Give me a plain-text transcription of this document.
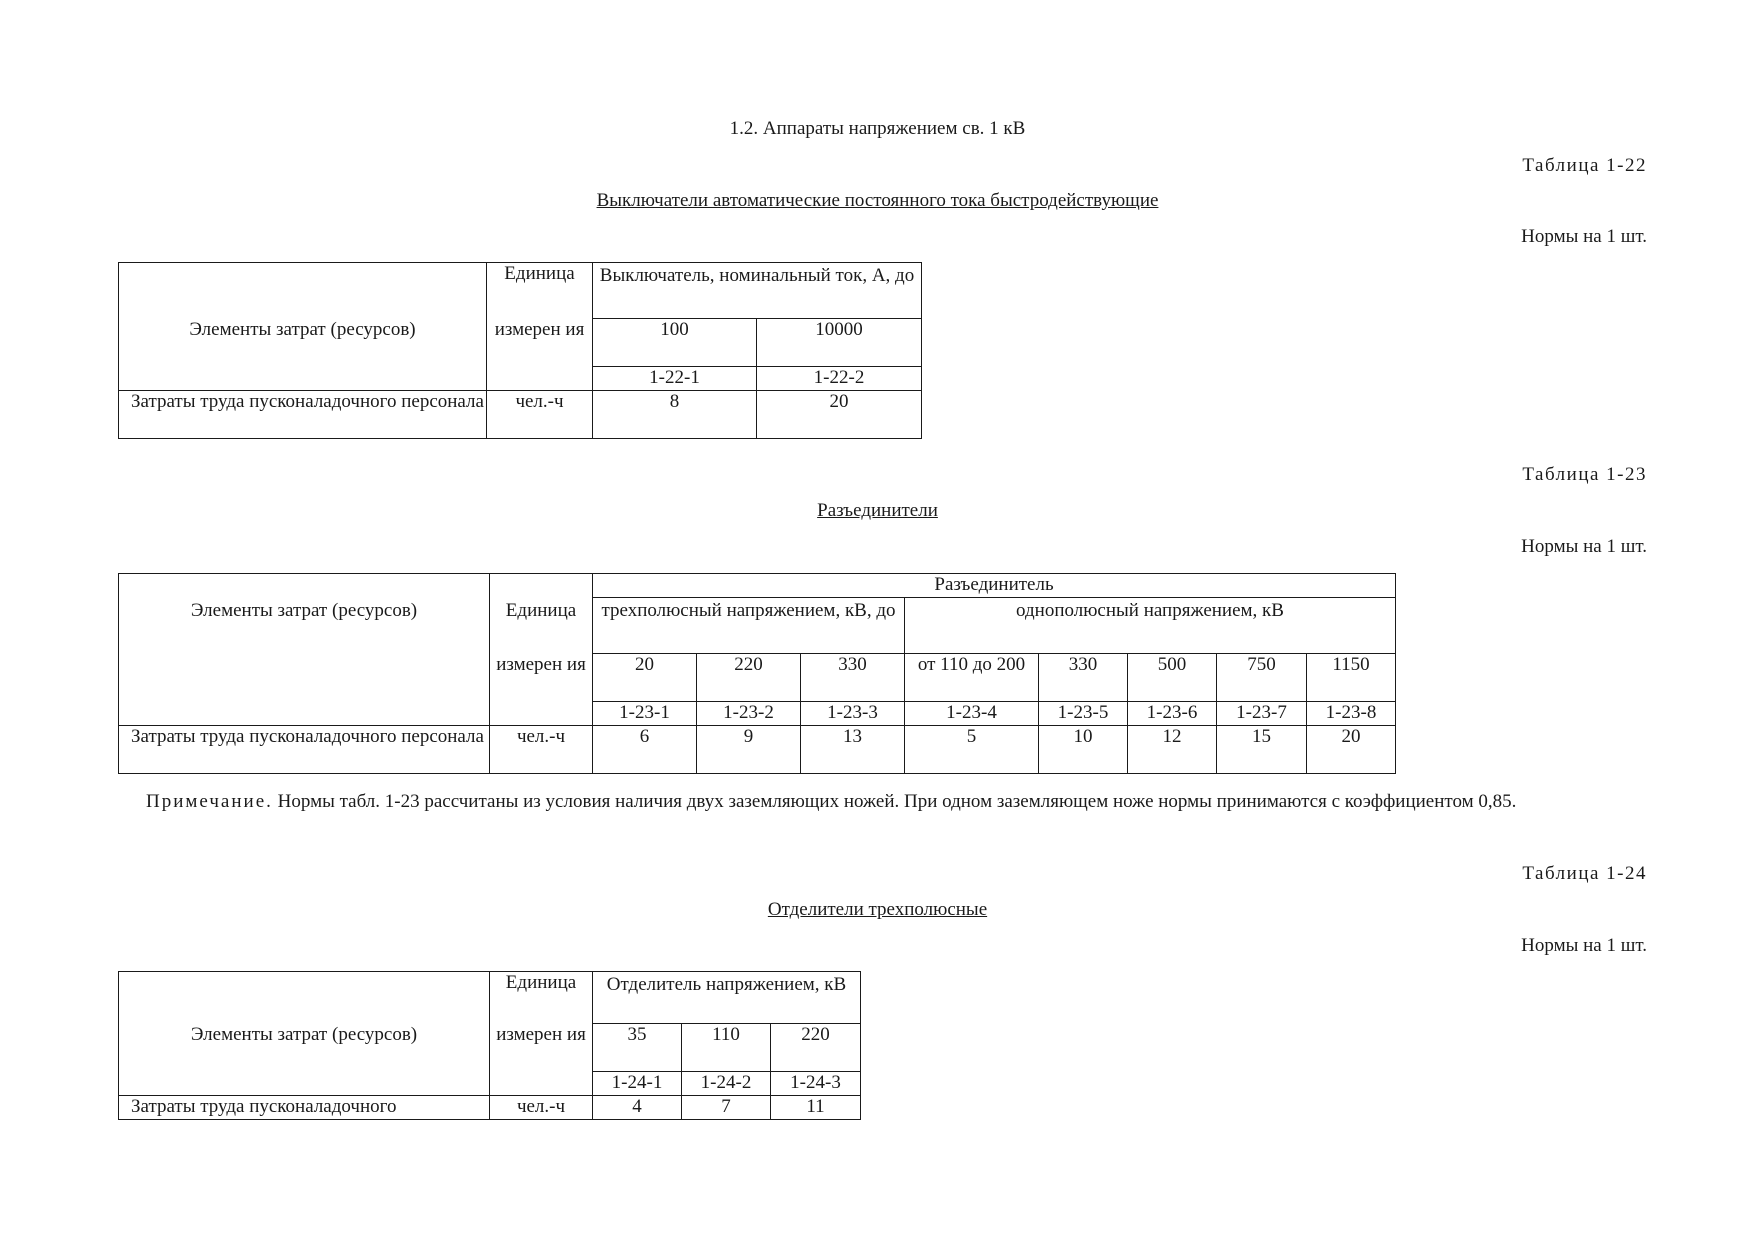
1.2. Аппараты напряжением св. 1 кВ
Таблица 1-22
Выключатели автоматические постоянного тока быстродействующие
Нормы на 1 шт.
	Единица	Выключатель, номинальный ток, А, до	
Элементы затрат (ресурсов)	измерен ия	100	10000
		1-22-1	1-22-2
Затраты труда пусконаладочного персонала	чел.-ч	8	20
Таблица 1-23
Разъединители
Нормы на 1 шт.
Элементы затрат (ресурсов)	Единица	Разъединитель							
		трехполюсный напряжением, кВ, до			однополюсный напряжением, кВ				
	измерен ия	20	220	330	от 110 до 200	330	500	750	1150
		1-23-1	1-23-2	1-23-3	1-23-4	1-23-5	1-23-6	1-23-7	1-23-8
Затраты труда пусконаладочного персонала	чел.-ч	6	9	13	5	10	12	15	20
Примечание. Нормы табл. 1-23 рассчитаны из условия наличия двух заземляющих ножей. При одном заземляющем ноже нормы принимаются с коэффициентом 0,85.
Таблица 1-24
Отделители трехполюсные
Нормы на 1 шт.
	Единица	Отделитель напряжением, кВ		
Элементы затрат (ресурсов)	измерен ия	35	110	220
		1-24-1	1-24-2	1-24-3
Затраты труда пусконаладочного	чел.-ч	4	7	11
